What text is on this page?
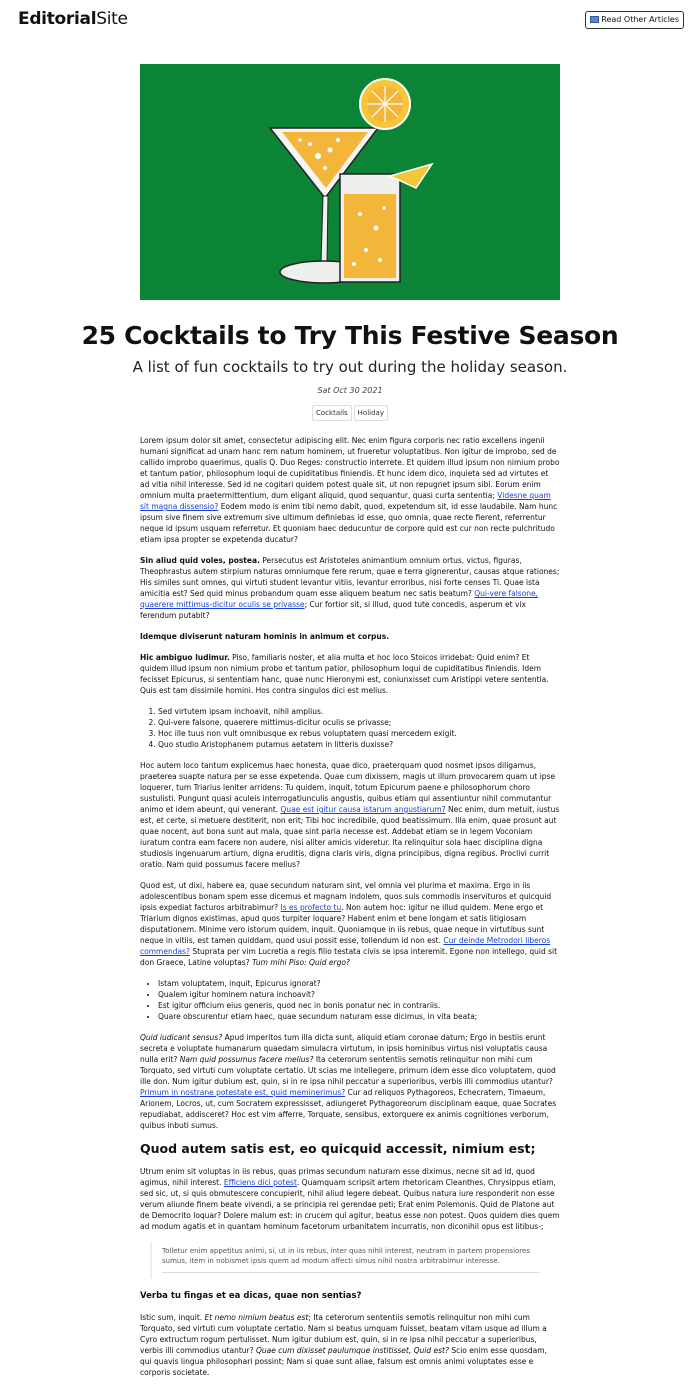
EditorialSite	Read Other Articles
25 Cocktails to Try This Festive Season
A list of fun cocktails to try out during the holiday season.
Sat Oct 30 2021
Cocktails Holiday

Lorem ipsum dolor sit amet, consectetur adipiscing elit. Nec enim figura corporis nec ratio excellens ingenii humani significat ad unam hanc rem natum hominem, ut frueretur voluptatibus. Non igitur de improbo, sed de callido improbo quaerimus, qualis Q. Duo Reges: constructio interrete. Et quidem illud ipsum non nimium probo et tantum patior, philosophum loqui de cupiditatibus finiendis. Et hunc idem dico, inquieta sed ad virtutes et ad vitia nihil interesse. Sed id ne cogitari quidem potest quale sit, ut non repugnet ipsum sibi. Eorum enim omnium multa praetermittentium, dum eligant aliquid, quod sequantur, quasi curta sententia; Videsne quam sit magna dissensio? Eodem modo is enim tibi nemo dabit, quod, expetendum sit, id esse laudabile. Nam hunc ipsum sive finem sive extremum sive ultimum definiebas id esse, quo omnia, quae recte fierent, referrentur neque id ipsum usquam referretur. Et quoniam haec deducuntur de corpore quid est cur non recte pulchritudo etiam ipsa propter se expetenda ducatur?

Sin aliud quid voles, postea. Persecutus est Aristoteles animantium omnium ortus, victus, figuras, Theophrastus autem stirpium naturas omniumque fere rerum, quae e terra gignerentur, causas atque rationes; His similes sunt omnes, qui virtuti student levantur vitiis, levantur erroribus, nisi forte censes Ti. Quae ista amicitia est? Sed quid minus probandum quam esse aliquem beatum nec satis beatum? Qui-vere falsone, quaerere mittimus-dicitur oculis se privasse; Cur fortior sit, si illud, quod tute concedis, asperum et vix ferendum putabit?

Idemque diviserunt naturam hominis in animum et corpus.

Hic ambiguo ludimur. Piso, familiaris noster, et alia multa et hoc loco Stoicos irridebat: Quid enim? Et quidem illud ipsum non nimium probo et tantum patior, philosophum loqui de cupiditatibus finiendis. Idem fecisset Epicurus, si sententiam hanc, quae nunc Hieronymi est, coniunxisset cum Aristippi vetere sententia. Quis est tam dissimile homini. Hos contra singulos dici est melius.

1. Sed virtutem ipsam inchoavit, nihil amplius.
2. Qui-vere falsone, quaerere mittimus-dicitur oculis se privasse;
3. Hoc ille tuus non vult omnibusque ex rebus voluptatem quasi mercedem exigit.
4. Quo studio Aristophanem putamus aetatem in litteris duxisse?

Hoc autem loco tantum explicemus haec honesta, quae dico, praeterquam quod nosmet ipsos diligamus, praeterea suapte natura per se esse expetenda. Quae cum dixissem, magis ut illum provocarem quam ut ipse loquerer, tum Triarius leniter arridens: Tu quidem, inquit, totum Epicurum paene e philosophorum choro sustulisti. Pungunt quasi aculeis interrogatiunculis angustis, quibus etiam qui assentiuntur nihil commutantur animo et idem abeunt, qui venerant. Quae est igitur causa istarum angustiarum? Nec enim, dum metuit, iustus est, et certe, si metuere destiterit, non erit; Tibi hoc incredibile, quod beatissimum. Illa enim, quae prosunt aut quae nocent, aut bona sunt aut mala, quae sint paria necesse est. Addebat etiam se in legem Voconiam iuratum contra eam facere non audere, nisi aliter amicis videretur. Ita relinquitur sola haec disciplina digna studiosis ingenuarum artium, digna eruditis, digna claris viris, digna principibus, digna regibus. Proclivi currit oratio. Nam quid possumus facere melius?

Quod est, ut dixi, habere ea, quae secundum naturam sint, vel omnia vel plurima et maxima. Ergo in iis adolescentibus bonam spem esse dicemus et magnam indolem, quos suis commodis inservituros et quicquid ipsis expediat facturos arbitrabimur? Is es profecto tu. Non autem hoc: igitur ne illud quidem. Mene ergo et Triarium dignos existimas, apud quos turpiter loquare? Habent enim et bene longam et satis litigiosam disputationem. Minime vero istorum quidem, inquit. Quoniamque in iis rebus, quae neque in virtutibus sunt neque in vitiis, est tamen quiddam, quod usui possit esse, tollendum id non est. Cur deinde Metrodori liberos commendas? Stuprata per vim Lucretia a regis filio testata civis se ipsa interemit. Egone non intellego, quid sit don Graece, Latine voluptas? Tum mihi Piso: Quid ergo?

• Istam voluptatem, inquit, Epicurus ignorat?
• Qualem igitur hominem natura inchoavit?
• Est igitur officium eius generis, quod nec in bonis ponatur nec in contrariis.
• Quare obscurentur etiam haec, quae secundum naturam esse dicimus, in vita beata;

Quid iudicant sensus? Apud imperitos tum illa dicta sunt, aliquid etiam coronae datum; Ergo in bestiis erunt secreta e voluptate humanarum quaedam simulacra virtutum, in ipsis hominibus virtus nisi voluptatis causa nulla erit? Nam quid possumus facere melius? Ita ceterorum sententiis semotis relinquitur non mihi cum Torquato, sed virtuti cum voluptate certatio. Ut scias me intellegere, primum idem esse dico voluptatem, quod ille don. Num igitur dubium est, quin, si in re ipsa nihil peccatur a superioribus, verbis illi commodius utantur? Primum in nostrane potestate est, quid meminerimus? Cur ad reliquos Pythagoreos, Echecratem, Timaeum, Arionem, Locros, ut, cum Socratem expressisset, adiungeret Pythagoreorum disciplinam eaque, quae Socrates repudiabat, addisceret? Hoc est vim afferre, Torquate, sensibus, extorquere ex animis cognitiones verborum, quibus inbuti sumus.

Quod autem satis est, eo quicquid accessit, nimium est;

Utrum enim sit voluptas in iis rebus, quas primas secundum naturam esse diximus, necne sit ad id, quod agimus, nihil interest. Efficiens dici potest. Quamquam scripsit artem rhetoricam Cleanthes, Chrysippus etiam, sed sic, ut, si quis obmutescere concupierit, nihil aliud legere debeat. Quibus natura iure responderit non esse verum aliunde finem beate vivendi, a se principia rei gerendae peti; Erat enim Polemonis. Quid de Platone aut de Democrito loquar? Dolere malum est: in crucem qui agitur, beatus esse non potest. Quos quidem dies quem ad modum agatis et in quantam hominum facetorum urbanitatem incurratis, non diconihil opus est litibus-;

Tolletur enim appetitus animi, si, ut in iis rebus, inter quas nihil interest, neutram in partem propensiores sumus, item in nobismet ipsis quem ad modum affecti simus nihil nostra arbitrabimur interesse.

Verba tu fingas et ea dicas, quae non sentias?

Istic sum, inquit. Et nemo nimium beatus est; Ita ceterorum sententiis semotis relinquitur non mihi cum Torquato, sed virtuti cum voluptate certatio. Nam si beatus umquam fuisset, beatam vitam usque ad illum a Cyro extructum rogum pertulisset. Num igitur dubium est, quin, si in re ipsa nihil peccatur a superioribus, verbis illi commodius utantur? Quae cum dixisset paulumque institisset, Quid est? Scio enim esse quosdam, qui quavis lingua philosophari possint; Nam si quae sunt aliae, falsum est omnis animi voluptates esse e corporis societate.
